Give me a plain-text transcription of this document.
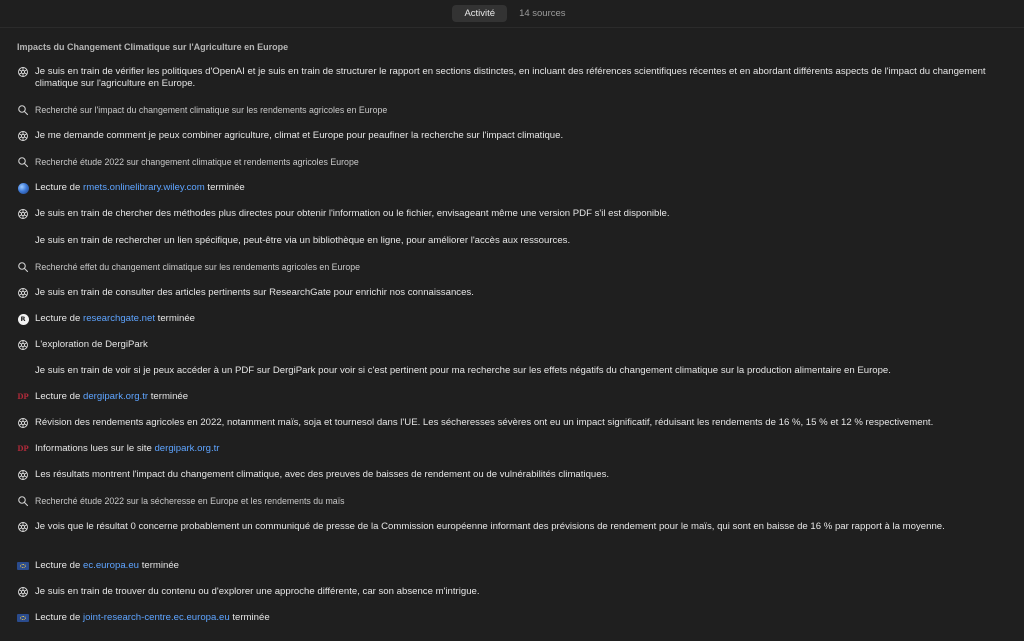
Activité	14 sources
Impacts du Changement Climatique sur l'Agriculture en Europe
Je suis en train de vérifier les politiques d'OpenAI et je suis en train de structurer le rapport en sections distinctes, en incluant des références scientifiques récentes et en abordant différents aspects de l'impact du changement climatique sur l'agriculture en Europe.
Recherché sur l'impact du changement climatique sur les rendements agricoles en Europe
Je me demande comment je peux combiner agriculture, climat et Europe pour peaufiner la recherche sur l'impact climatique.
Recherché étude 2022 sur changement climatique et rendements agricoles Europe
Lecture de rmets.onlinelibrary.wiley.com terminée
Je suis en train de chercher des méthodes plus directes pour obtenir l'information ou le fichier, envisageant même une version PDF s'il est disponible.
Je suis en train de rechercher un lien spécifique, peut-être via un bibliothèque en ligne, pour améliorer l'accès aux ressources.
Recherché effet du changement climatique sur les rendements agricoles en Europe
Je suis en train de consulter des articles pertinents sur ResearchGate pour enrichir nos connaissances.
R Lecture de researchgate.net terminée
L'exploration de DergiPark
Je suis en train de voir si je peux accéder à un PDF sur DergiPark pour voir si c'est pertinent pour ma recherche sur les effets négatifs du changement climatique sur la production alimentaire en Europe.
DP Lecture de dergipark.org.tr terminée
Révision des rendements agricoles en 2022, notamment maïs, soja et tournesol dans l'UE. Les sécheresses sévères ont eu un impact significatif, réduisant les rendements de 16 %, 15 % et 12 % respectivement.
DP Informations lues sur le site dergipark.org.tr
Les résultats montrent l'impact du changement climatique, avec des preuves de baisses de rendement ou de vulnérabilités climatiques.
Recherché étude 2022 sur la sécheresse en Europe et les rendements du maïs
Je vois que le résultat 0 concerne probablement un communiqué de presse de la Commission européenne informant des prévisions de rendement pour le maïs, qui sont en baisse de 16 % par rapport à la moyenne.
Lecture de ec.europa.eu terminée
Je suis en train de trouver du contenu ou d'explorer une approche différente, car son absence m'intrigue.
Lecture de joint-research-centre.ec.europa.eu terminée
